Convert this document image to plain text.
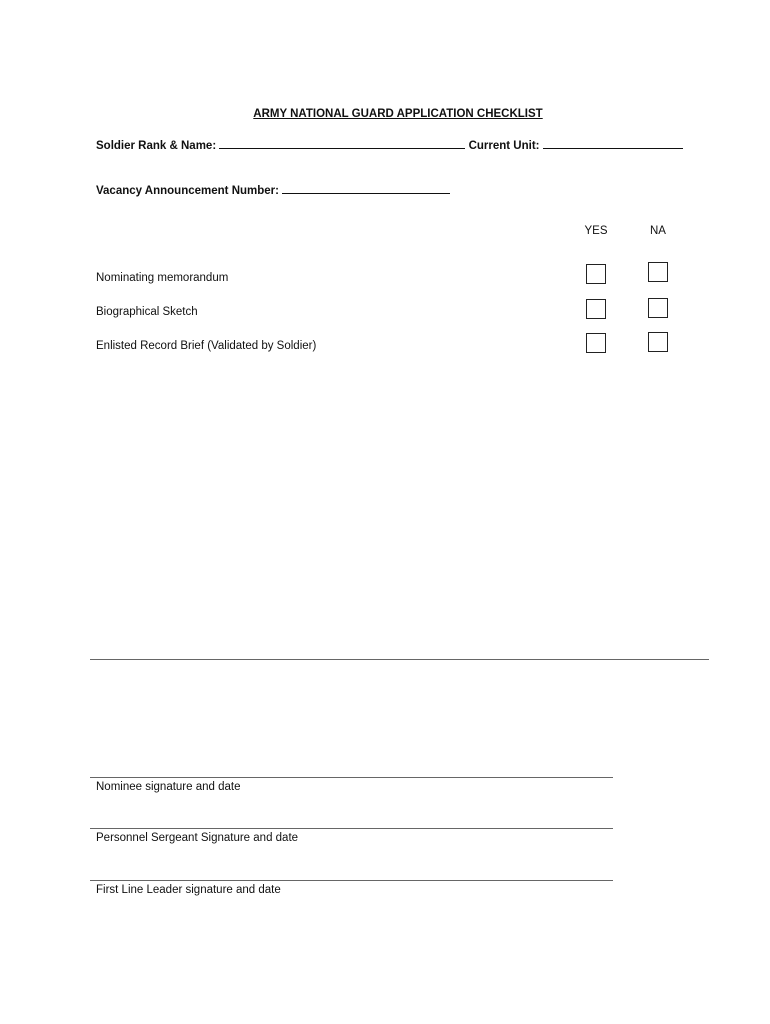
ARMY NATIONAL GUARD APPLICATION CHECKLIST
Soldier Rank & Name:	Current Unit:
Vacancy Announcement Number:
YES	NA
Nominating memorandum
Biographical Sketch
Enlisted Record Brief (Validated by Soldier)
Nominee signature and date
Personnel Sergeant Signature and date
First Line Leader signature and date
